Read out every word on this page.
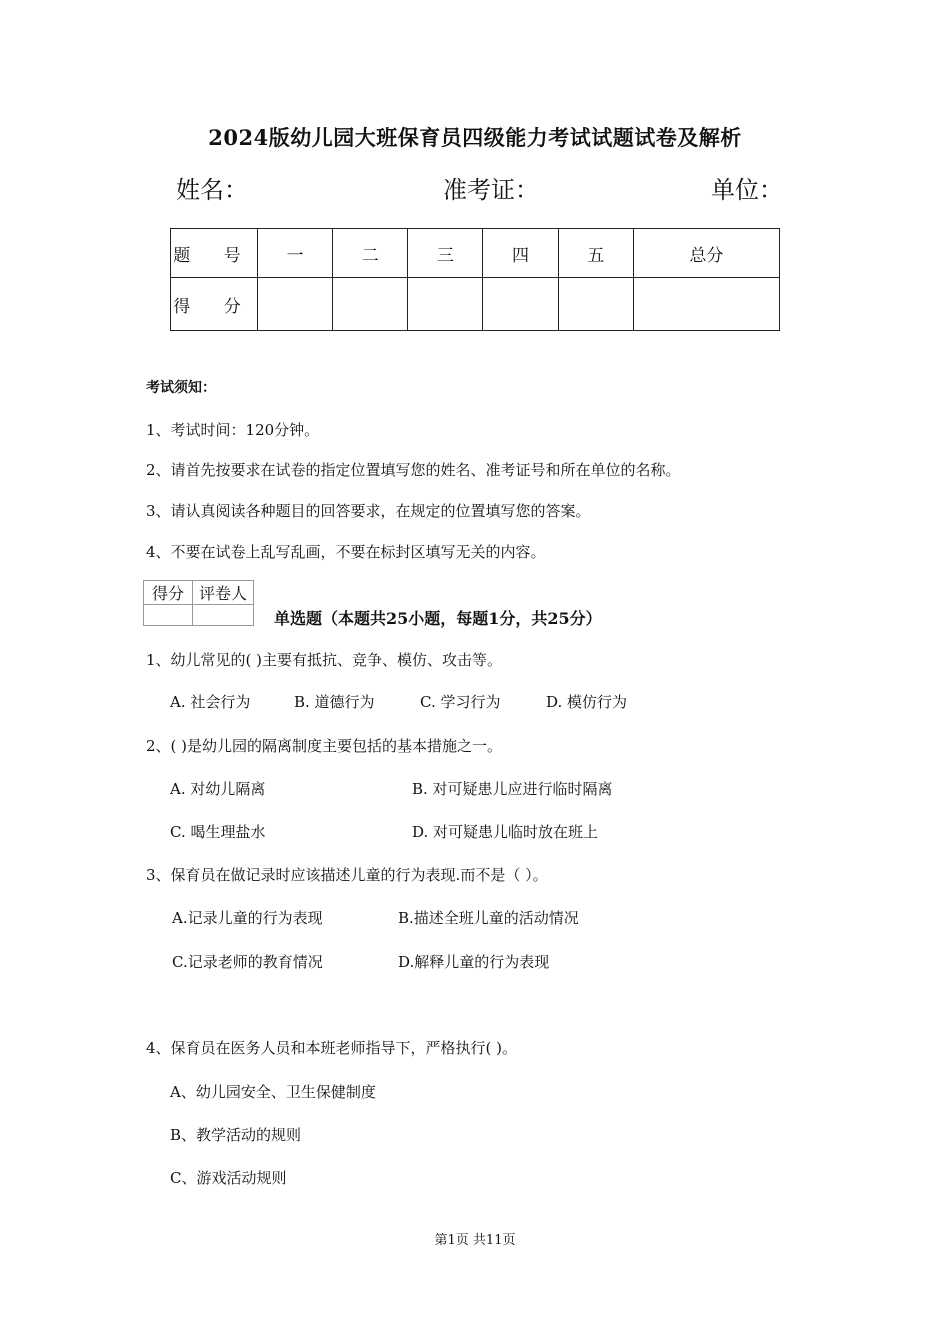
2024版幼儿园大班保育员四级能力考试试题试卷及解析
姓名：	准考证：	单位：
题 号	一	二	三	四	五	总分
得 分						
考试须知：
1、考试时间：120分钟。
2、请首先按要求在试卷的指定位置填写您的姓名、准考证号和所在单位的名称。
3、请认真阅读各种题目的回答要求，在规定的位置填写您的答案。
4、不要在试卷上乱写乱画，不要在标封区填写无关的内容。
得分	评卷人

单选题（本题共25小题，每题1分，共25分）
1、幼儿常见的( )主要有抵抗、竞争、模仿、攻击等。
A. 社会行为	B. 道德行为	C. 学习行为	D. 模仿行为
2、( )是幼儿园的隔离制度主要包括的基本措施之一。
A. 对幼儿隔离	B. 对可疑患儿应进行临时隔离
C. 喝生理盐水	D. 对可疑患儿临时放在班上
3、保育员在做记录时应该描述儿童的行为表现.而不是（ ）。
A.记录儿童的行为表现	B.描述全班儿童的活动情况
C.记录老师的教育情况	D.解释儿童的行为表现
4、保育员在医务人员和本班老师指导下，严格执行( )。
A、幼儿园安全、卫生保健制度
B、教学活动的规则
C、游戏活动规则
第1页 共11页
